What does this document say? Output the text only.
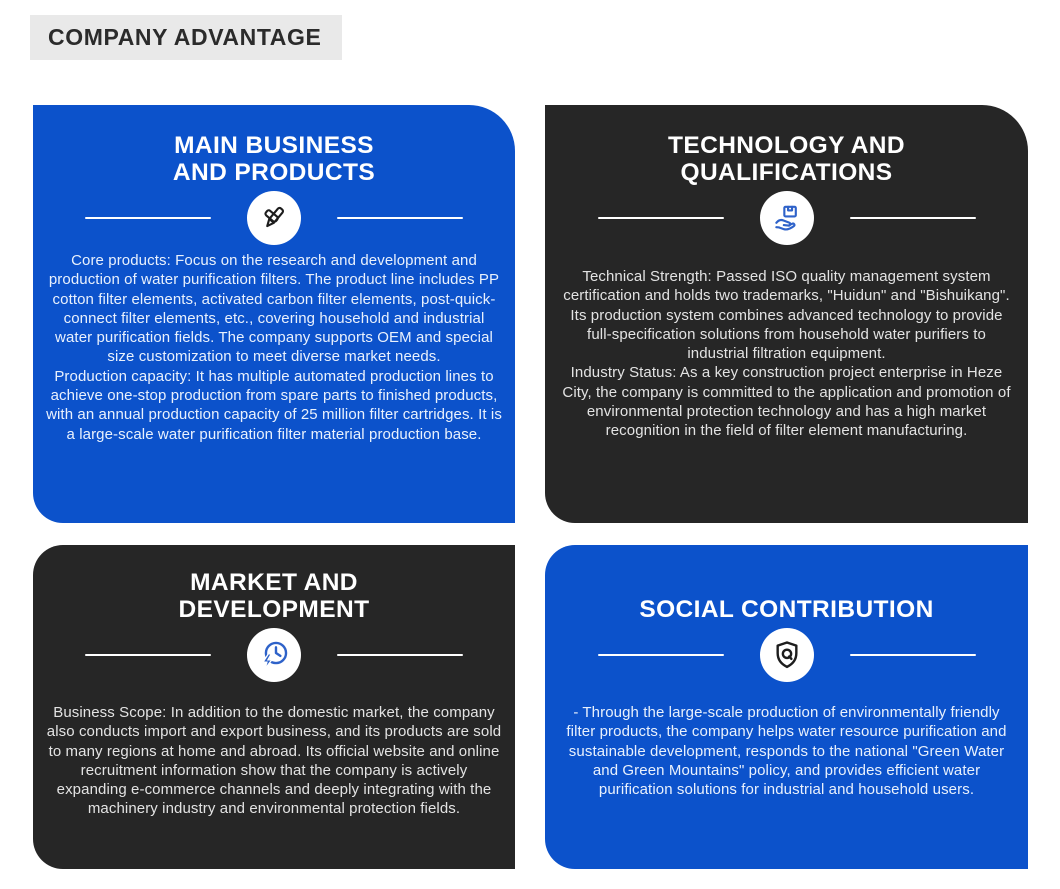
COMPANY ADVANTAGE
MAIN BUSINESS
AND PRODUCTS

Core products: Focus on the research and development and production of water purification filters. The product line includes PP cotton filter elements, activated carbon filter elements, post-quick-connect filter elements, etc., covering household and industrial water purification fields. The company supports OEM and special size customization to meet diverse market needs.

Production capacity: It has multiple automated production lines to achieve one-stop production from spare parts to finished products, with an annual production capacity of 25 million filter cartridges. It is a large-scale water purification filter material production base.

TECHNOLOGY AND
QUALIFICATIONS

Technical Strength: Passed ISO quality management system certification and holds two trademarks, "Huidun" and "Bishuikang". Its production system combines advanced technology to provide full-specification solutions from household water purifiers to industrial filtration equipment.

Industry Status: As a key construction project enterprise in Heze City, the company is committed to the application and promotion of environmental protection technology and has a high market recognition in the field of filter element manufacturing.

MARKET AND
DEVELOPMENT

Business Scope: In addition to the domestic market, the company also conducts import and export business, and its products are sold to many regions at home and abroad. Its official website and online recruitment information show that the company is actively expanding e-commerce channels and deeply integrating with the machinery industry and environmental protection fields.

SOCIAL CONTRIBUTION

- Through the large-scale production of environmentally friendly filter products, the company helps water resource purification and sustainable development, responds to the national "Green Water and Green Mountains" policy, and provides efficient water purification solutions for industrial and household users.
